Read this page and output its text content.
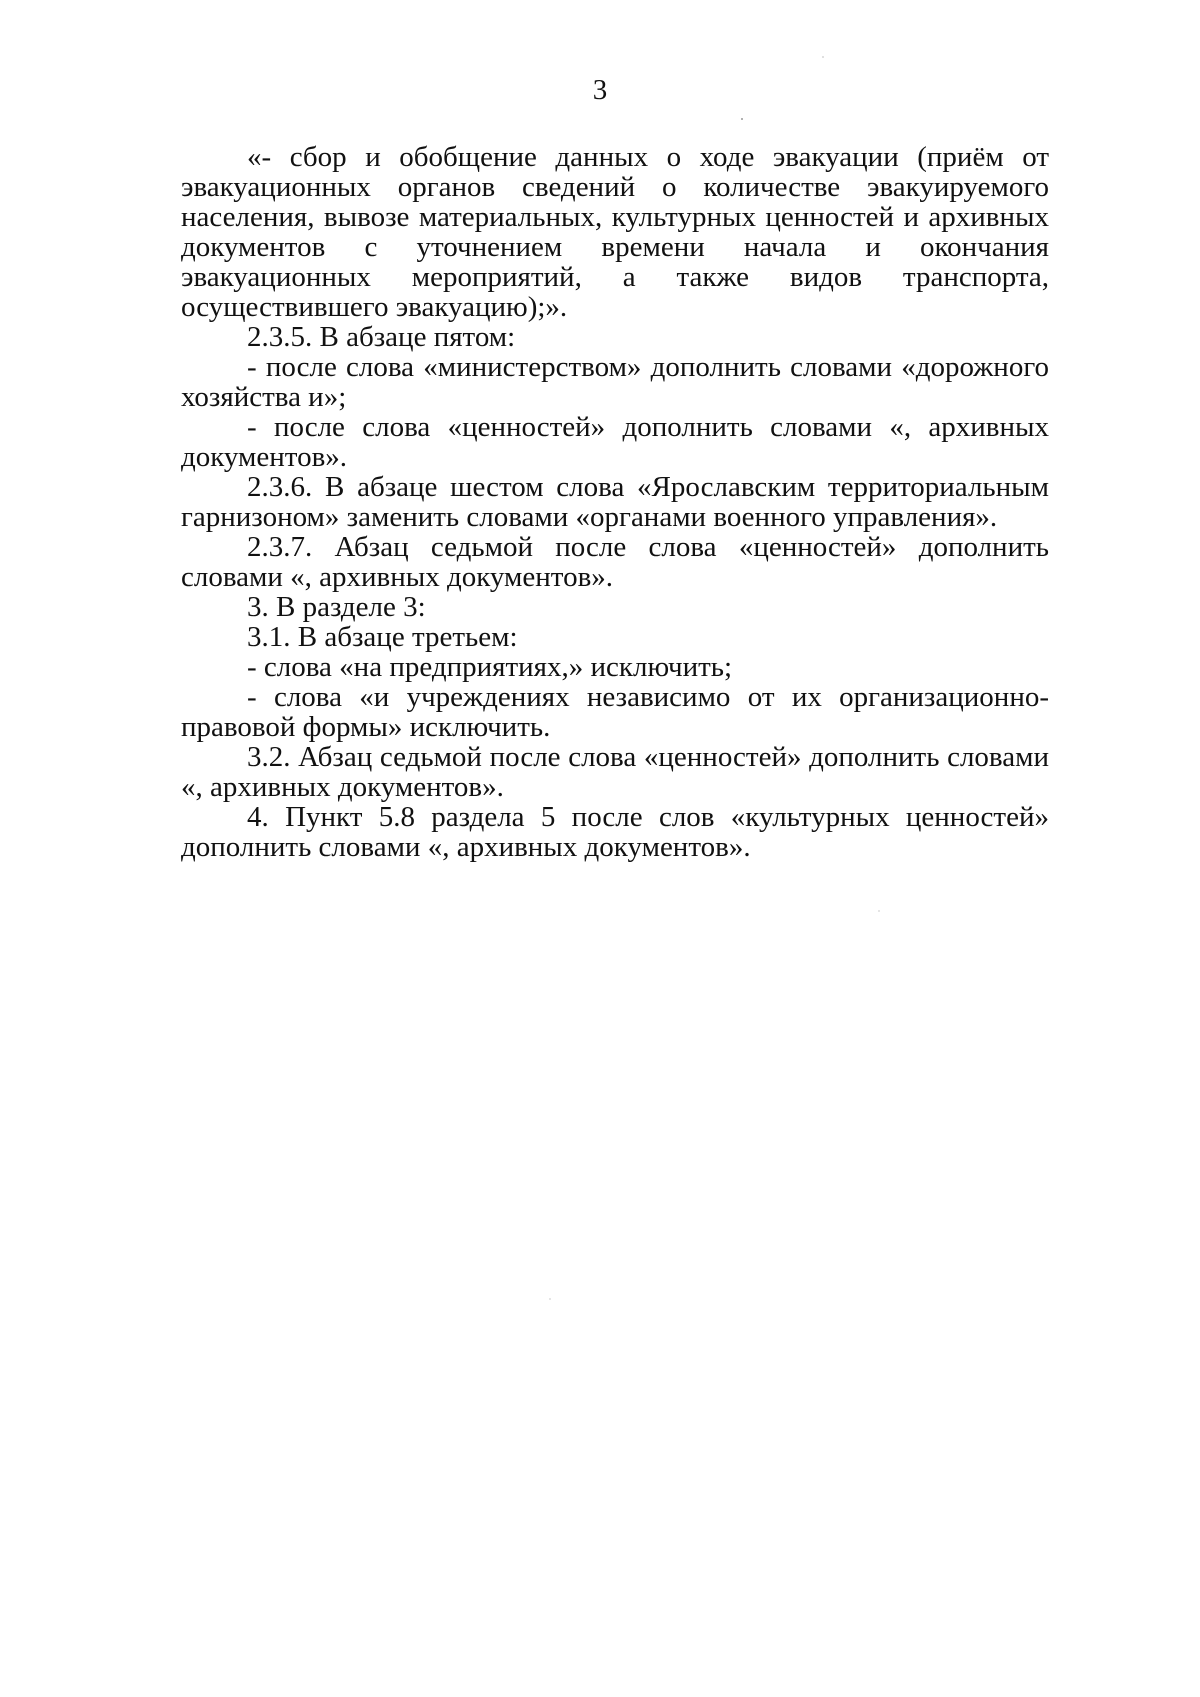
3

«- сбор и обобщение данных о ходе эвакуации (приём от эвакуационных органов сведений о количестве эвакуируемого населения, вывозе материальных, культурных ценностей и архивных документов с уточнением времени начала и окончания эвакуационных мероприятий, а также видов транспорта, осуществившего эвакуацию);».

2.3.5. В абзаце пятом:

- после слова «министерством» дополнить словами «дорожного хозяйства и»;

- после слова «ценностей» дополнить словами «, архивных документов».

2.3.6. В абзаце шестом слова «Ярославским территориальным гарнизоном» заменить словами «органами военного управления».

2.3.7. Абзац седьмой после слова «ценностей» дополнить словами «, архивных документов».

3. В разделе 3:

3.1. В абзаце третьем:

- слова «на предприятиях,» исключить;

- слова «и учреждениях независимо от их организационно-правовой формы» исключить.

3.2. Абзац седьмой после слова «ценностей» дополнить словами «, архивных документов».

4. Пункт 5.8 раздела 5 после слов «культурных ценностей» дополнить словами «, архивных документов».
